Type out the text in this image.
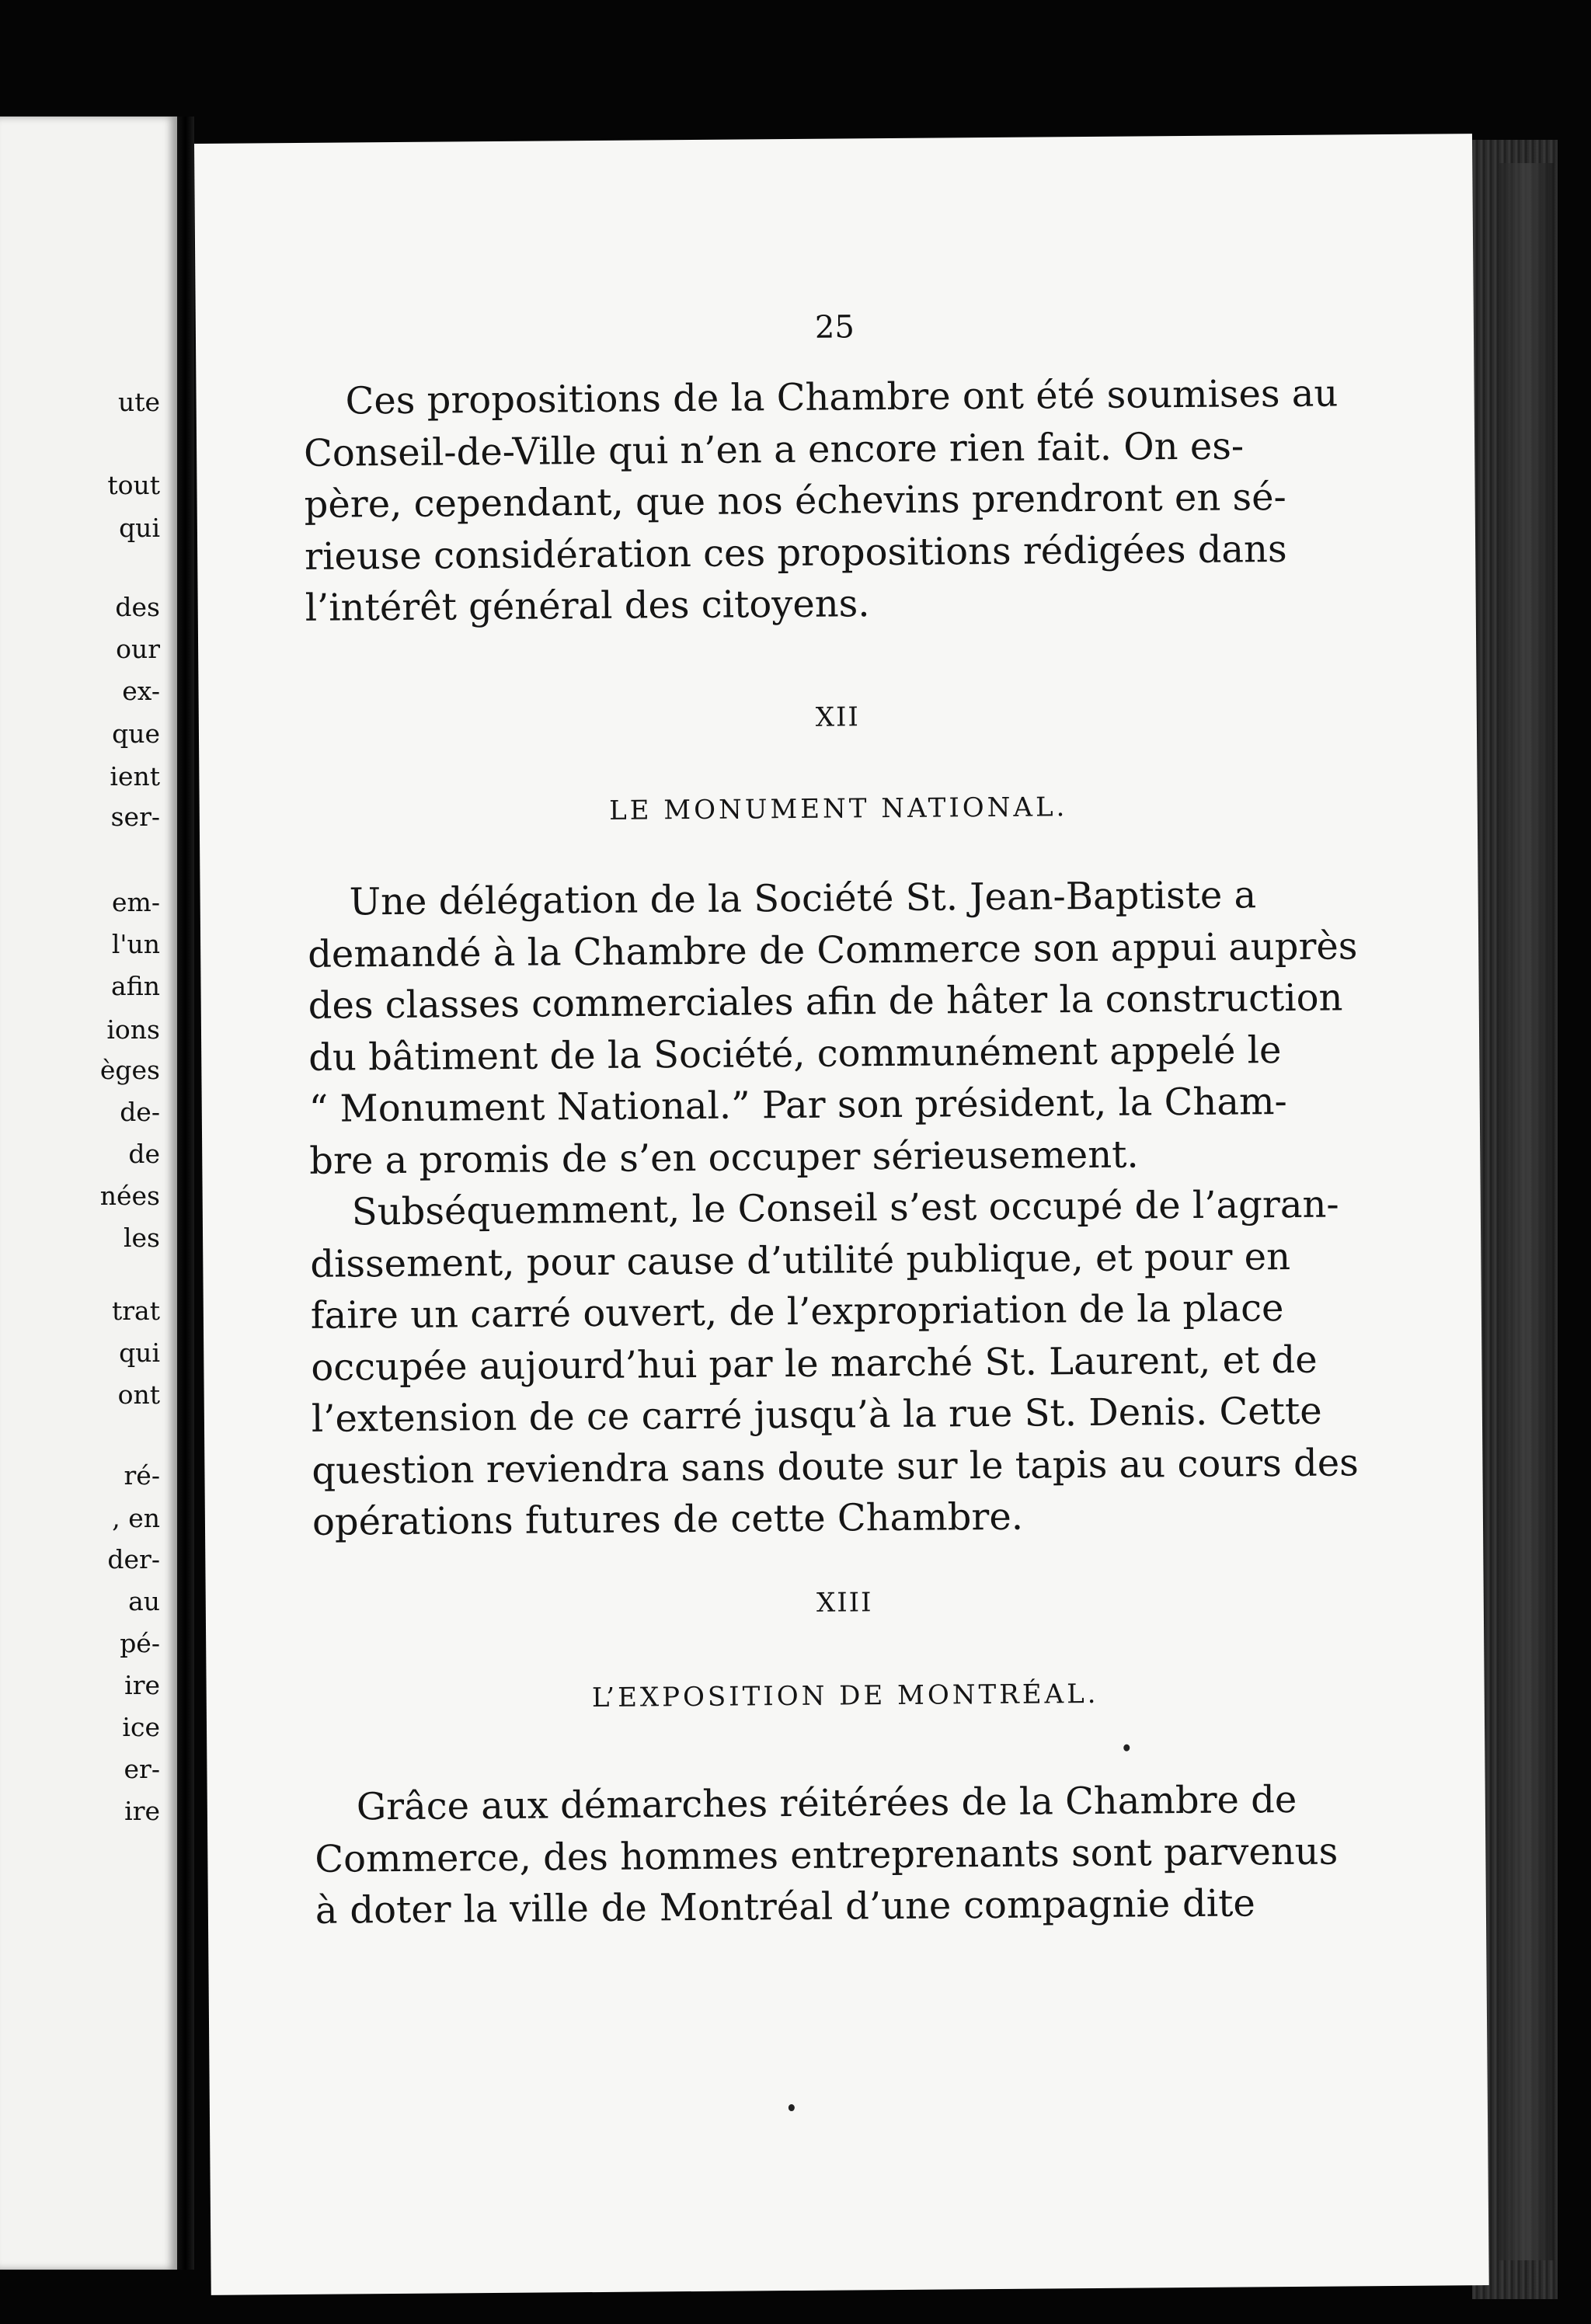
ute
tout
qui
des
our
ex-
que
ient
ser-
em-
l'un
afin
ions
èges
de-
de
nées
les
trat
qui
ont
ré-
, en
der-
au
pé-
ire
ice
er-
ire
25
Ces propositions de la Chambre ont été soumises au
Conseil-de-Ville qui n’en a encore rien fait. On es-
père, cependant, que nos échevins prendront en sé-
rieuse considération ces propositions rédigées dans
l’intérêt général des citoyens.
XII
LE MONUMENT NATIONAL.
Une délégation de la Société St. Jean-Baptiste a
demandé à la Chambre de Commerce son appui auprès
des classes commerciales afin de hâter la construction
du bâtiment de la Société, communément appelé le
“ Monument National.” Par son président, la Cham-
bre a promis de s’en occuper sérieusement.
Subséquemment, le Conseil s’est occupé de l’agran-
dissement, pour cause d’utilité publique, et pour en
faire un carré ouvert, de l’expropriation de la place
occupée aujourd’hui par le marché St. Laurent, et de
l’extension de ce carré jusqu’à la rue St. Denis. Cette
question reviendra sans doute sur le tapis au cours des
opérations futures de cette Chambre.
XIII
L’EXPOSITION DE MONTRÉAL.
Grâce aux démarches réitérées de la Chambre de
Commerce, des hommes entreprenants sont parvenus
à doter la ville de Montréal d’une compagnie dite
